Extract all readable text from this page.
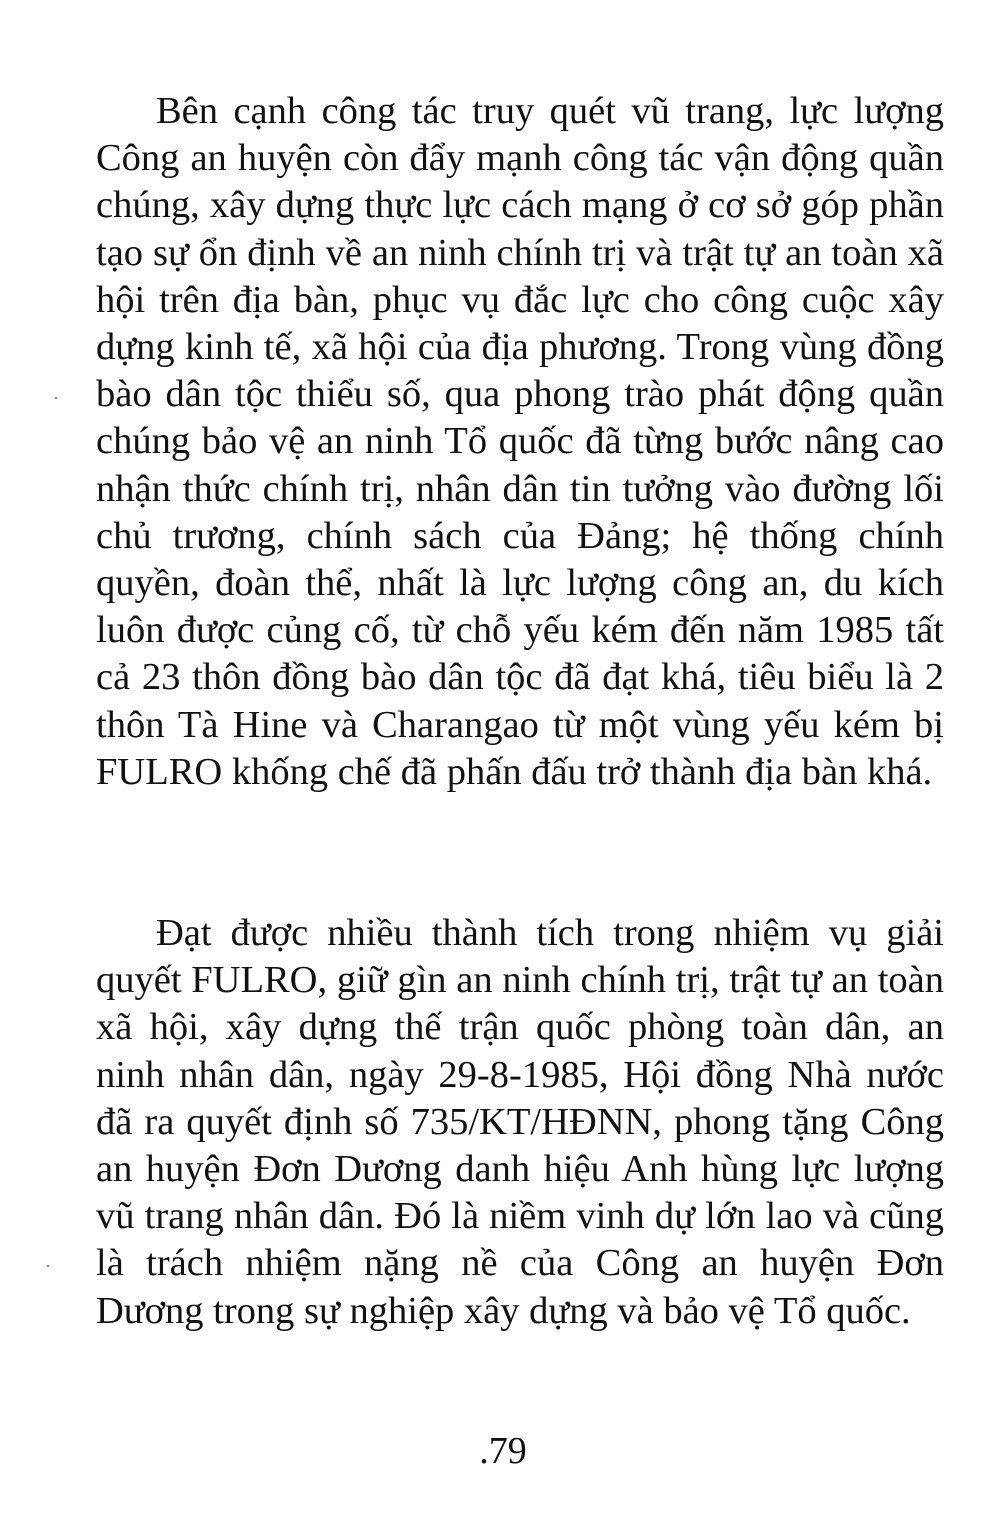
Bên cạnh công tác truy quét vũ trang, lực lượng Công an huyện còn đẩy mạnh công tác vận động quần chúng, xây dựng thực lực cách mạng ở cơ sở góp phần tạo sự ổn định về an ninh chính trị và trật tự an toàn xã hội trên địa bàn, phục vụ đắc lực cho công cuộc xây dựng kinh tế, xã hội của địa phương. Trong vùng đồng bào dân tộc thiểu số, qua phong trào phát động quần chúng bảo vệ an ninh Tổ quốc đã từng bước nâng cao nhận thức chính trị, nhân dân tin tưởng vào đường lối chủ trương, chính sách của Đảng; hệ thống chính quyền, đoàn thể, nhất là lực lượng công an, du kích luôn được củng cố, từ chỗ yếu kém đến năm 1985 tất cả 23 thôn đồng bào dân tộc đã đạt khá, tiêu biểu là 2 thôn Tà Hine và Charangao từ một vùng yếu kém bị FULRO khống chế đã phấn đấu trở thành địa bàn khá.

Đạt được nhiều thành tích trong nhiệm vụ giải quyết FULRO, giữ gìn an ninh chính trị, trật tự an toàn xã hội, xây dựng thế trận quốc phòng toàn dân, an ninh nhân dân, ngày 29-8-1985, Hội đồng Nhà nước đã ra quyết định số 735/KT/HĐNN, phong tặng Công an huyện Đơn Dương danh hiệu Anh hùng lực lượng vũ trang nhân dân. Đó là niềm vinh dự lớn lao và cũng là trách nhiệm nặng nề của Công an huyện Đơn Dương trong sự nghiệp xây dựng và bảo vệ Tổ quốc.

.79
